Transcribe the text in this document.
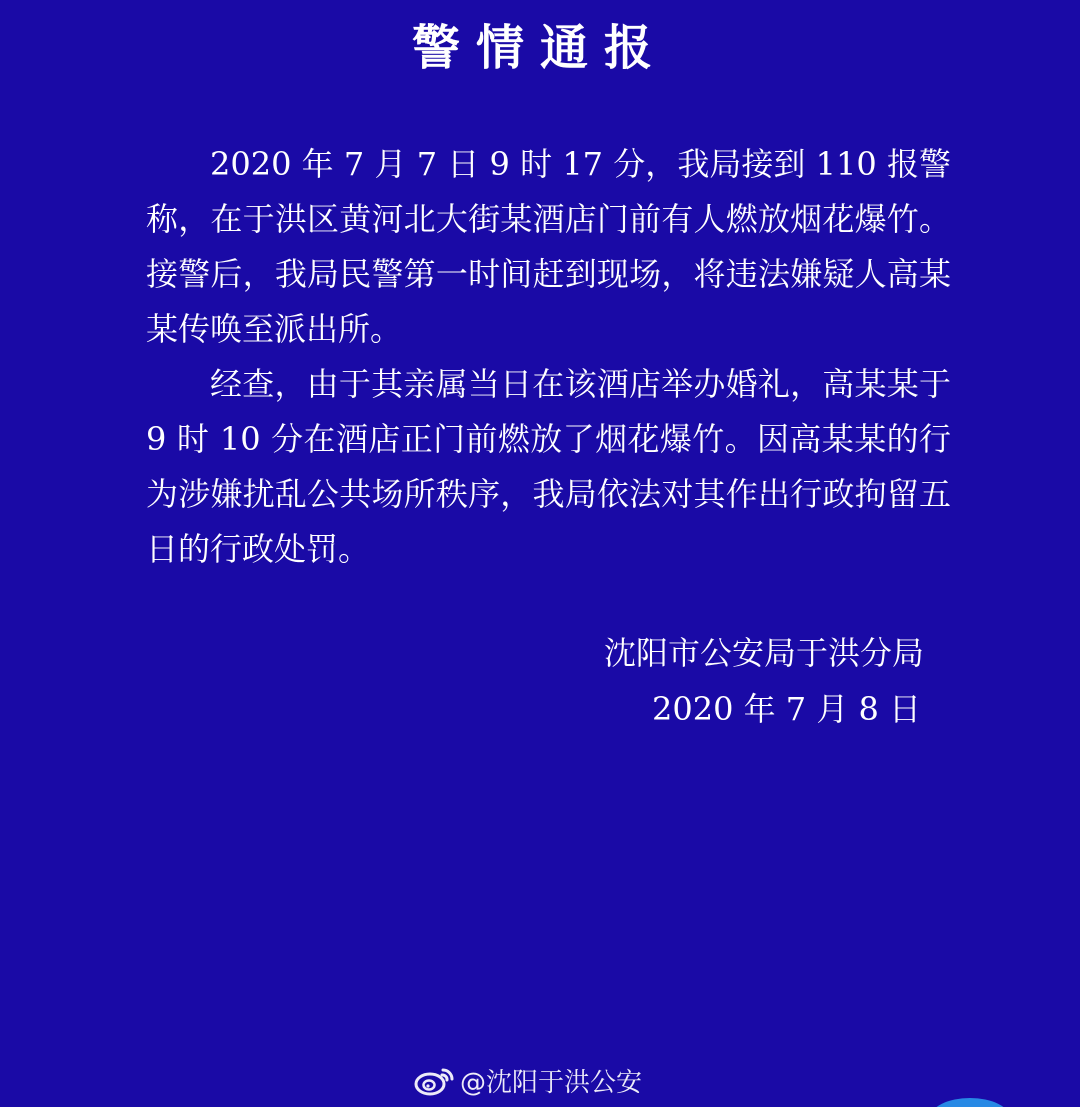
警情通报

2020 年 7 月 7 日 9 时 17 分，我局接到 110 报警称，在于洪区黄河北大街某酒店门前有人燃放烟花爆竹。接警后，我局民警第一时间赶到现场，将违法嫌疑人高某某传唤至派出所。

经查，由于其亲属当日在该酒店举办婚礼，高某某于 9 时 10 分在酒店正门前燃放了烟花爆竹。因高某某的行为涉嫌扰乱公共场所秩序，我局依法对其作出行政拘留五日的行政处罚。

沈阳市公安局于洪分局
2020 年 7 月 8 日
@沈阳于洪公安
